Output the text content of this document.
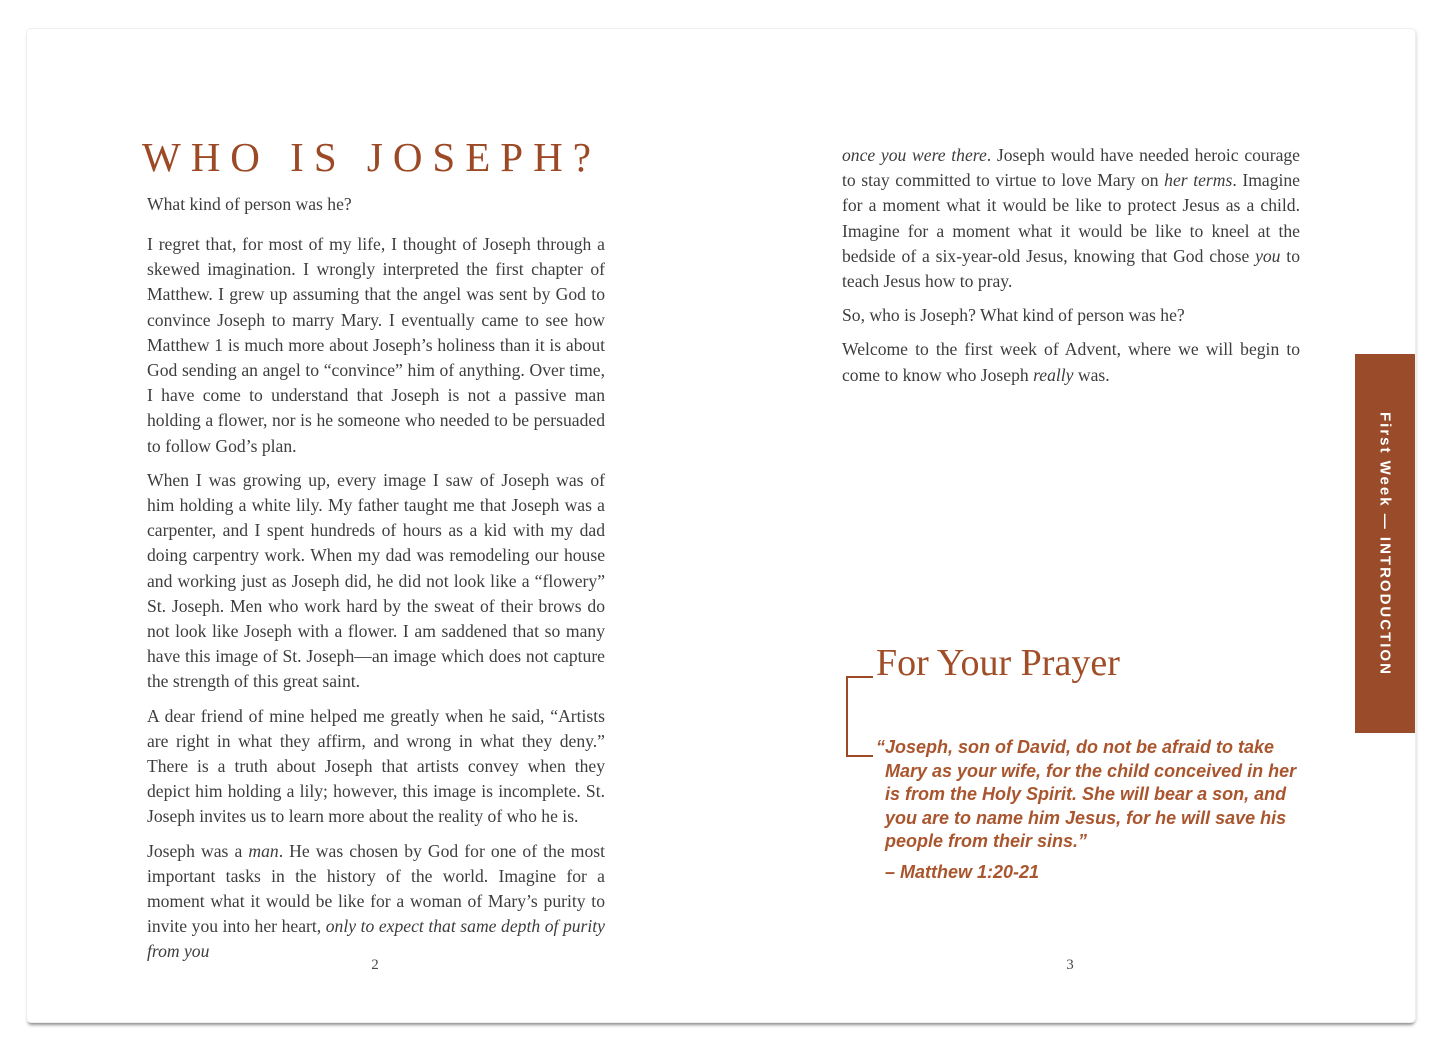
WHO IS JOSEPH?
What kind of person was he?

I regret that, for most of my life, I thought of Joseph through a skewed imagination. I wrongly interpreted the first chapter of Matthew. I grew up assuming that the angel was sent by God to convince Joseph to marry Mary. I eventually came to see how Matthew 1 is much more about Joseph’s holiness than it is about God sending an angel to “convince” him of anything. Over time, I have come to understand that Joseph is not a passive man holding a flower, nor is he someone who needed to be persuaded to follow God’s plan.

When I was growing up, every image I saw of Joseph was of him holding a white lily. My father taught me that Joseph was a carpenter, and I spent hundreds of hours as a kid with my dad doing carpentry work. When my dad was remodeling our house and working just as Joseph did, he did not look like a “flowery” St. Joseph. Men who work hard by the sweat of their brows do not look like Joseph with a flower. I am saddened that so many have this image of St. Joseph—an image which does not capture the strength of this great saint.

A dear friend of mine helped me greatly when he said, “Artists are right in what they affirm, and wrong in what they deny.” There is a truth about Joseph that artists convey when they depict him holding a lily; however, this image is incomplete. St. Joseph invites us to learn more about the reality of who he is.

Joseph was a man. He was chosen by God for one of the most important tasks in the history of the world. Imagine for a moment what it would be like for a woman of Mary’s purity to invite you into her heart, only to expect that same depth of purity from you

2

once you were there. Joseph would have needed heroic courage to stay committed to virtue to love Mary on her terms. Imagine for a moment what it would be like to protect Jesus as a child. Imagine for a moment what it would be like to kneel at the bedside of a six-year-old Jesus, knowing that God chose you to teach Jesus how to pray.

So, who is Joseph? What kind of person was he?

Welcome to the first week of Advent, where we will begin to come to know who Joseph really was.

For Your Prayer
“Joseph, son of David, do not be afraid to take Mary as your wife, for the child conceived in her is from the Holy Spirit. She will bear a son, and you are to name him Jesus, for he will save his people from their sins.”
– Matthew 1:20-21
3
First Week — INTRODUCTION
